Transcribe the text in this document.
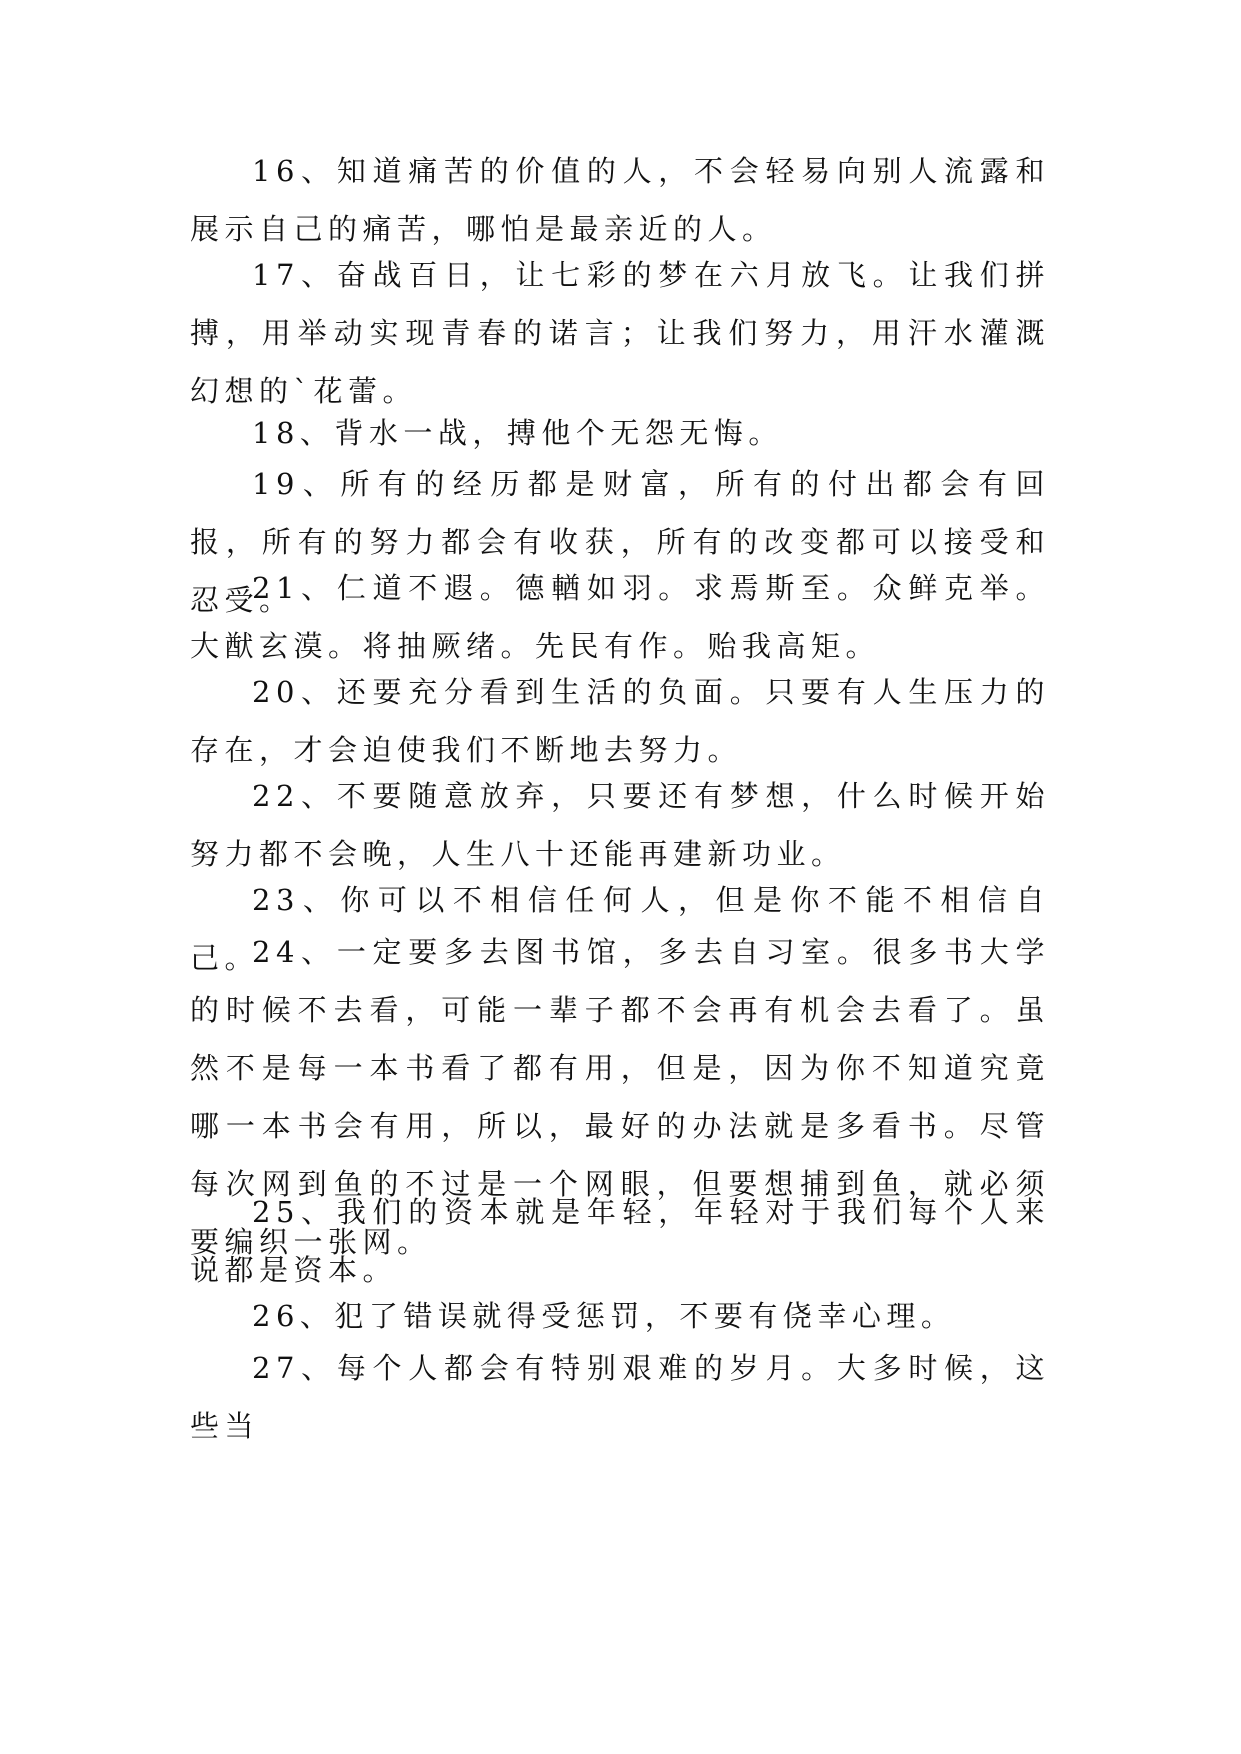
16、知道痛苦的价值的人，不会轻易向别人流露和展示自己的痛苦，哪怕是最亲近的人。

17、奋战百日，让七彩的梦在六月放飞。让我们拼搏，用举动实现青春的诺言；让我们努力，用汗水灌溉幻想的`花蕾。

18、背水一战，搏他个无怨无悔。

19、所有的经历都是财富，所有的付出都会有回报，所有的努力都会有收获，所有的改变都可以接受和忍受。

21、仁道不遐。德輶如羽。求焉斯至。众鲜克举。大猷玄漠。将抽厥绪。先民有作。贻我高矩。

20、还要充分看到生活的负面。只要有人生压力的存在，才会迫使我们不断地去努力。

22、不要随意放弃，只要还有梦想，什么时候开始努力都不会晚，人生八十还能再建新功业。

23、你可以不相信任何人，但是你不能不相信自己。

24、一定要多去图书馆，多去自习室。很多书大学的时候不去看，可能一辈子都不会再有机会去看了。虽然不是每一本书看了都有用，但是，因为你不知道究竟哪一本书会有用，所以，最好的办法就是多看书。尽管每次网到鱼的不过是一个网眼，但要想捕到鱼，就必须要编织一张网。

25、我们的资本就是年轻，年轻对于我们每个人来说都是资本。

26、犯了错误就得受惩罚，不要有侥幸心理。

27、每个人都会有特别艰难的岁月。大多时候，这些当
